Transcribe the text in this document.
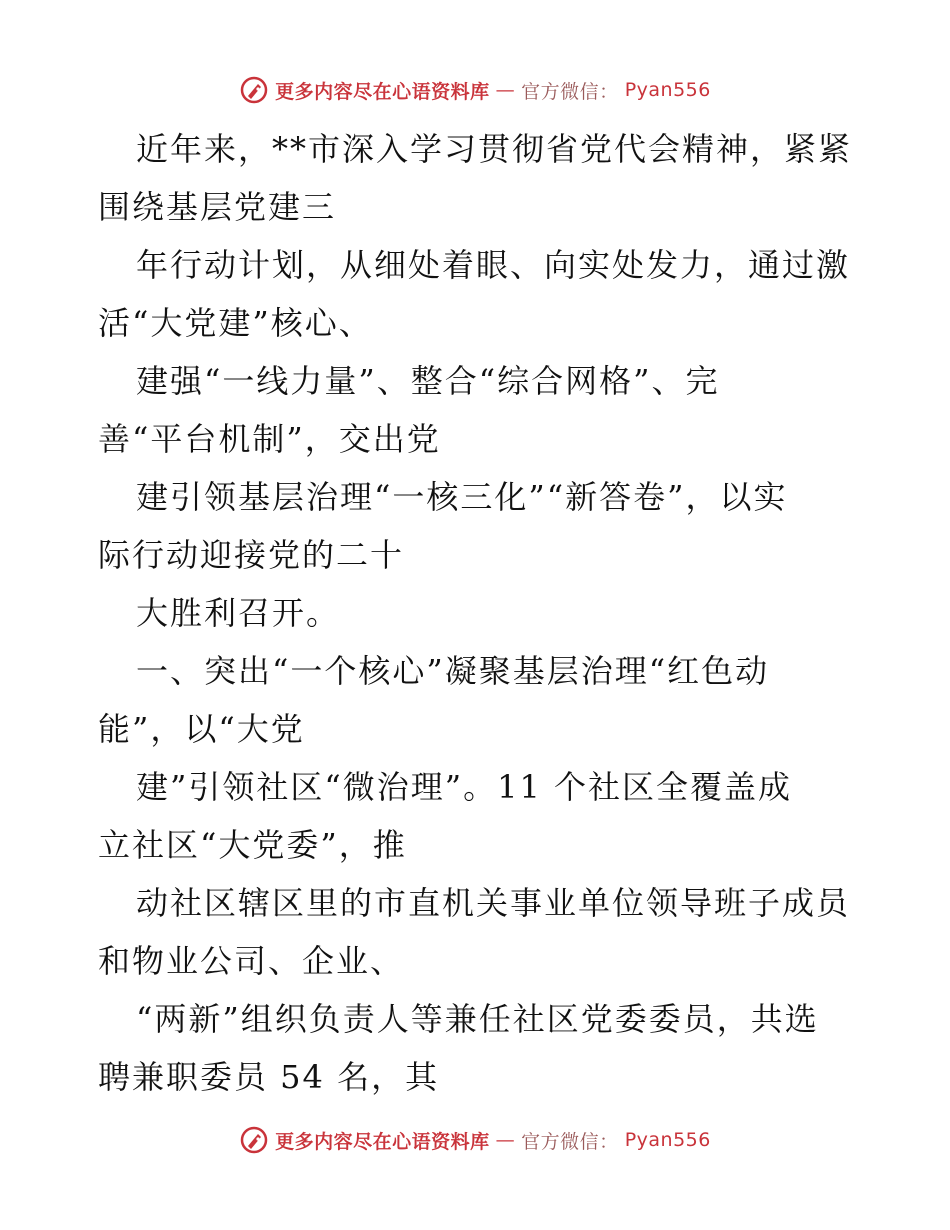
更多内容尽在心语资料库 — 官方微信： Pyan556
近年来，**市深入学习贯彻省党代会精神，紧紧
围绕基层党建三
年行动计划，从细处着眼、向实处发力，通过激
活“大党建”核心、
建强“一线力量”、整合“综合网格”、完
善“平台机制”，交出党
建引领基层治理“一核三化”“新答卷”，以实
际行动迎接党的二十
大胜利召开。
一、突出“一个核心”凝聚基层治理“红色动
能”，以“大党
建”引领社区“微治理”。11 个社区全覆盖成
立社区“大党委”，推
动社区辖区里的市直机关事业单位领导班子成员
和物业公司、企业、
“两新”组织负责人等兼任社区党委委员，共选
聘兼职委员 54 名，其
更多内容尽在心语资料库 — 官方微信： Pyan556
